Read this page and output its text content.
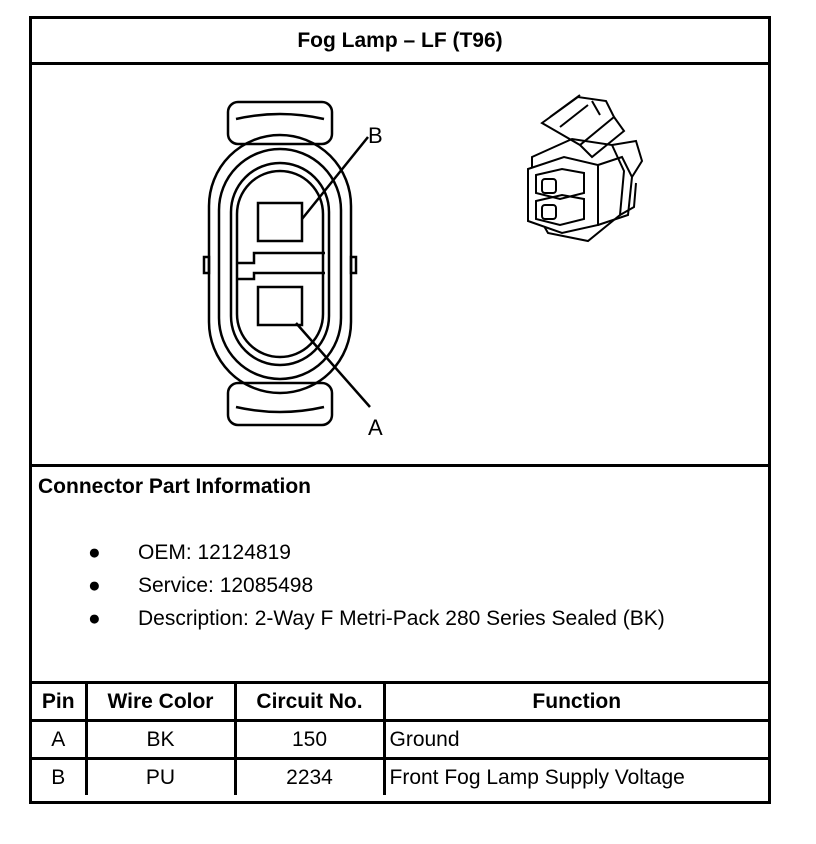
Fog Lamp – LF (T96)
B
A
Connector Part Information
● OEM: 12124819
● Service: 12085498
● Description: 2-Way F Metri-Pack 280 Series Sealed (BK)
Pin	Wire Color	Circuit No.	Function
A	BK	150	Ground
B	PU	2234	Front Fog Lamp Supply Voltage
